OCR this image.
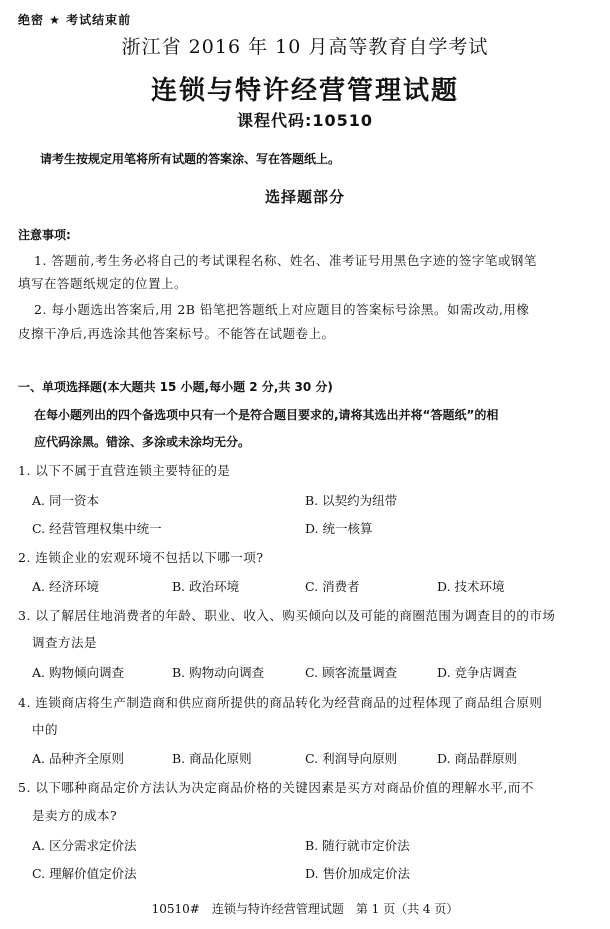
绝密 ★ 考试结束前
浙江省 2016 年 10 月高等教育自学考试
连锁与特许经营管理试题
课程代码:10510
请考生按规定用笔将所有试题的答案涂、写在答题纸上。
选择题部分
注意事项:
1. 答题前,考生务必将自己的考试课程名称、姓名、准考证号用黑色字迹的签字笔或钢笔
填写在答题纸规定的位置上。
2. 每小题选出答案后,用 2B 铅笔把答题纸上对应题目的答案标号涂黑。如需改动,用橡
皮擦干净后,再选涂其他答案标号。不能答在试题卷上。
一、单项选择题(本大题共 15 小题,每小题 2 分,共 30 分)
在每小题列出的四个备选项中只有一个是符合题目要求的,请将其选出并将“答题纸”的相
应代码涂黑。错涂、多涂或未涂均无分。
1. 以下不属于直营连锁主要特征的是
A. 同一资本	B. 以契约为纽带
C. 经营管理权集中统一	D. 统一核算
2. 连锁企业的宏观环境不包括以下哪一项?
A. 经济环境	B. 政治环境	C. 消费者	D. 技术环境
3. 以了解居住地消费者的年龄、职业、收入、购买倾向以及可能的商圈范围为调查目的的市场
调查方法是
A. 购物倾向调查	B. 购物动向调查	C. 顾客流量调查	D. 竞争店调查
4. 连锁商店将生产制造商和供应商所提供的商品转化为经营商品的过程体现了商品组合原则
中的
A. 品种齐全原则	B. 商品化原则	C. 利润导向原则	D. 商品群原则
5. 以下哪种商品定价方法认为决定商品价格的关键因素是买方对商品价值的理解水平,而不
是卖方的成本?
A. 区分需求定价法	B. 随行就市定价法
C. 理解价值定价法	D. 售价加成定价法
10510#　连锁与特许经营管理试题　第 1 页（共 4 页）
